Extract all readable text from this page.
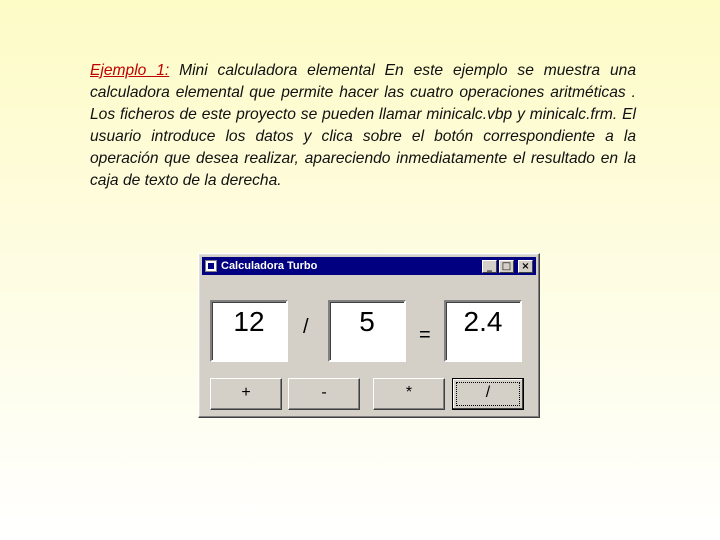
Ejemplo 1: Mini calculadora elemental En este ejemplo se muestra una calculadora elemental que permite hacer las cuatro operaciones aritméticas . Los ficheros de este proyecto se pueden llamar minicalc.vbp y minicalc.frm. El usuario introduce los datos y clica sobre el botón correspondiente a la operación que desea realizar, apareciendo inmediatamente el resultado en la caja de texto de la derecha.
Calculadora Turbo	_ □	×
12	/	5	=	2.4
+	-	*	/
